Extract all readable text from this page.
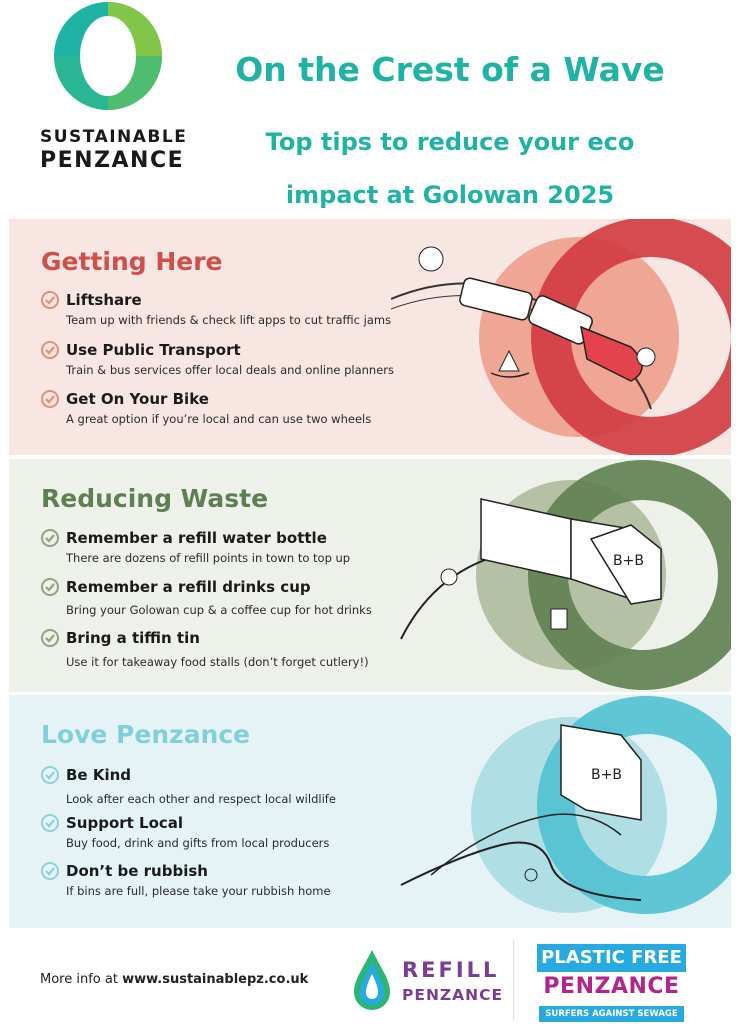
SUSTAINABLE
PENZANCE
On the Crest of a Wave
Top tips to reduce your eco
impact at Golowan 2025
Getting Here
Liftshare
Team up with friends & check lift apps to cut traffic jams
Use Public Transport
Train & bus services offer local deals and online planners
Get On Your Bike
A great option if you’re local and can use two wheels
B+B
Reducing Waste
Remember a refill water bottle
There are dozens of refill points in town to top up
Remember a refill drinks cup
Bring your Golowan cup & a coffee cup for hot drinks
Bring a tiffin tin
Use it for takeaway food stalls (don’t forget cutlery!)
B+B
Love Penzance
Be Kind
Look after each other and respect local wildlife
Support Local
Buy food, drink and gifts from local producers
Don’t be rubbish
If bins are full, please take your rubbish home
More info at www.sustainablepz.co.uk	REFILL
PENZANCE
PLASTIC FREE
PENZANCE
SURFERS AGAINST SEWAGE
